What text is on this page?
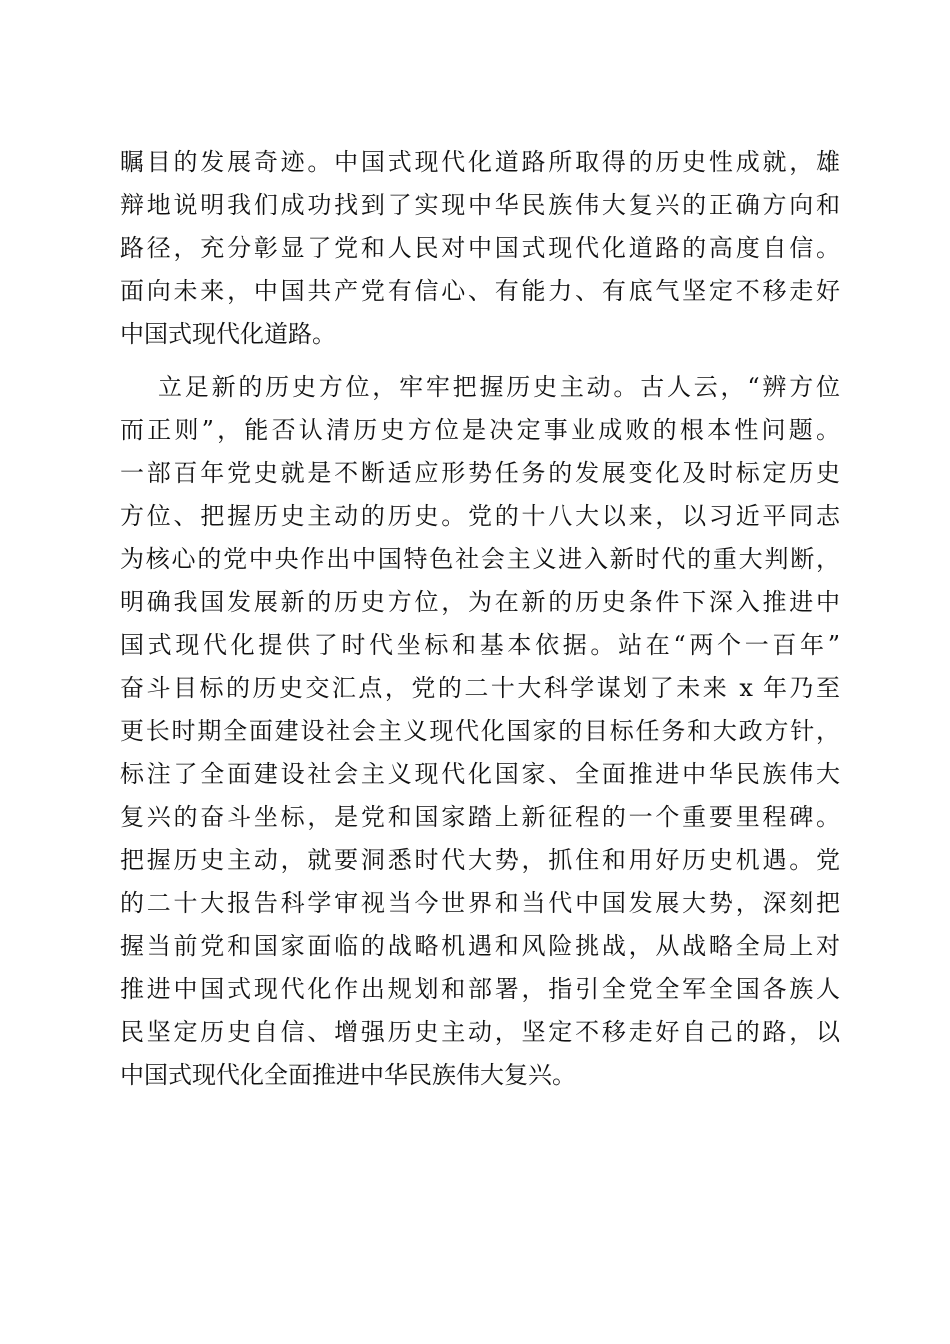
瞩目的发展奇迹。中国式现代化道路所取得的历史性成就，雄
辩地说明我们成功找到了实现中华民族伟大复兴的正确方向和
路径，充分彰显了党和人民对中国式现代化道路的高度自信。
面向未来，中国共产党有信心、有能力、有底气坚定不移走好
中国式现代化道路。
立足新的历史方位，牢牢把握历史主动。古人云，“辨方位
而正则”，能否认清历史方位是决定事业成败的根本性问题。
一部百年党史就是不断适应形势任务的发展变化及时标定历史
方位、把握历史主动的历史。党的十八大以来，以习近平同志
为核心的党中央作出中国特色社会主义进入新时代的重大判断，
明确我国发展新的历史方位，为在新的历史条件下深入推进中
国式现代化提供了时代坐标和基本依据。站在“两个一百年”
奋斗目标的历史交汇点，党的二十大科学谋划了未来 x 年乃至
更长时期全面建设社会主义现代化国家的目标任务和大政方针，
标注了全面建设社会主义现代化国家、全面推进中华民族伟大
复兴的奋斗坐标，是党和国家踏上新征程的一个重要里程碑。
把握历史主动，就要洞悉时代大势，抓住和用好历史机遇。党
的二十大报告科学审视当今世界和当代中国发展大势，深刻把
握当前党和国家面临的战略机遇和风险挑战，从战略全局上对
推进中国式现代化作出规划和部署，指引全党全军全国各族人
民坚定历史自信、增强历史主动，坚定不移走好自己的路，以
中国式现代化全面推进中华民族伟大复兴。
